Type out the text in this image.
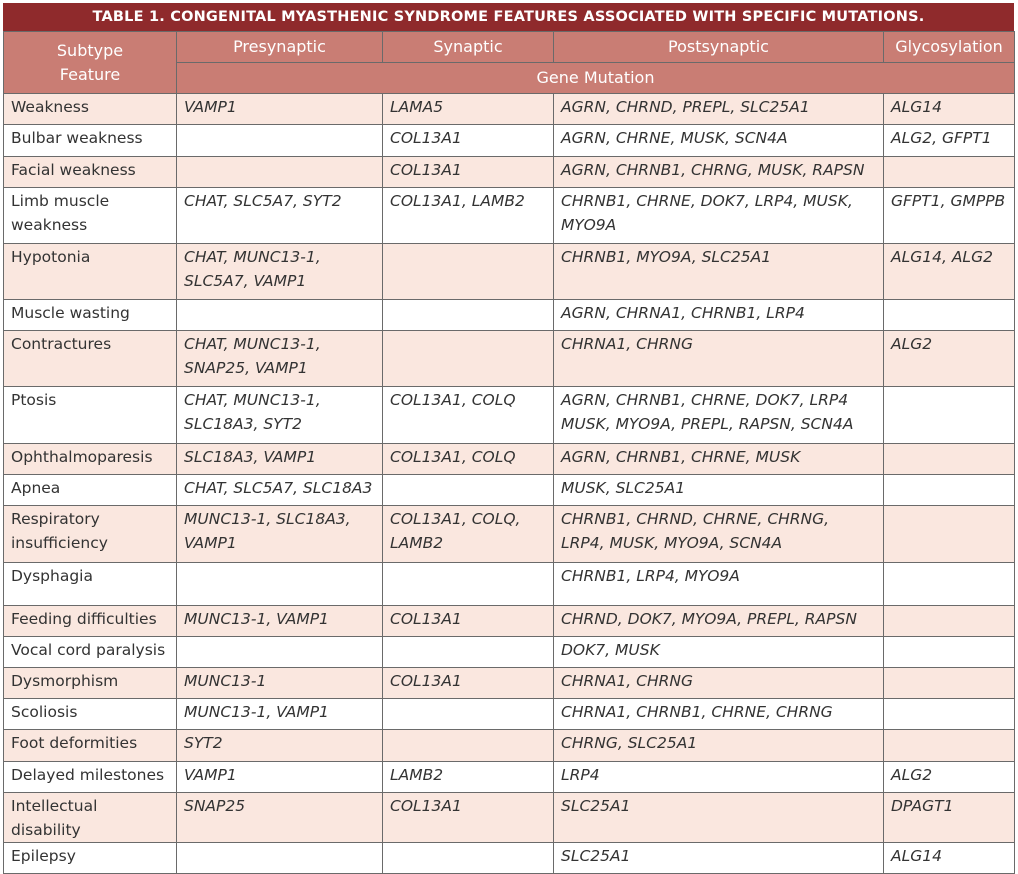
TABLE 1. CONGENITAL MYASTHENIC SYNDROME FEATURES ASSOCIATED WITH SPECIFIC MUTATIONS.
Subtype
Feature	Presynaptic	Synaptic	Postsynaptic	Glycosylation
	Gene Mutation			
Weakness	VAMP1	LAMA5	AGRN, CHRND, PREPL, SLC25A1	ALG14
Bulbar weakness		COL13A1	AGRN, CHRNE, MUSK, SCN4A	ALG2, GFPT1
Facial weakness		COL13A1	AGRN, CHRNB1, CHRNG, MUSK, RAPSN	
Limb muscle weakness	CHAT, SLC5A7, SYT2	COL13A1, LAMB2	CHRNB1, CHRNE, DOK7, LRP4, MUSK, MYO9A	GFPT1, GMPPB
Hypotonia	CHAT, MUNC13-1, SLC5A7, VAMP1		CHRNB1, MYO9A, SLC25A1	ALG14, ALG2
Muscle wasting			AGRN, CHRNA1, CHRNB1, LRP4	
Contractures	CHAT, MUNC13-1, SNAP25, VAMP1		CHRNA1, CHRNG	ALG2
Ptosis	CHAT, MUNC13-1, SLC18A3, SYT2	COL13A1, COLQ	AGRN, CHRNB1, CHRNE, DOK7, LRP4 MUSK, MYO9A, PREPL, RAPSN, SCN4A	
Ophthalmoparesis	SLC18A3, VAMP1	COL13A1, COLQ	AGRN, CHRNB1, CHRNE, MUSK	
Apnea	CHAT, SLC5A7, SLC18A3		MUSK, SLC25A1	
Respiratory insufficiency	MUNC13-1, SLC18A3, VAMP1	COL13A1, COLQ, LAMB2	CHRNB1, CHRND, CHRNE, CHRNG, LRP4, MUSK, MYO9A, SCN4A	
Dysphagia			CHRNB1, LRP4, MYO9A	
Feeding difficulties	MUNC13-1, VAMP1	COL13A1	CHRND, DOK7, MYO9A, PREPL, RAPSN	
Vocal cord paralysis			DOK7, MUSK	
Dysmorphism	MUNC13-1	COL13A1	CHRNA1, CHRNG	
Scoliosis	MUNC13-1, VAMP1		CHRNA1, CHRNB1, CHRNE, CHRNG	
Foot deformities	SYT2		CHRNG, SLC25A1	
Delayed milestones	VAMP1	LAMB2	LRP4	ALG2
Intellectual disability	SNAP25	COL13A1	SLC25A1	DPAGT1
Epilepsy			SLC25A1	ALG14
